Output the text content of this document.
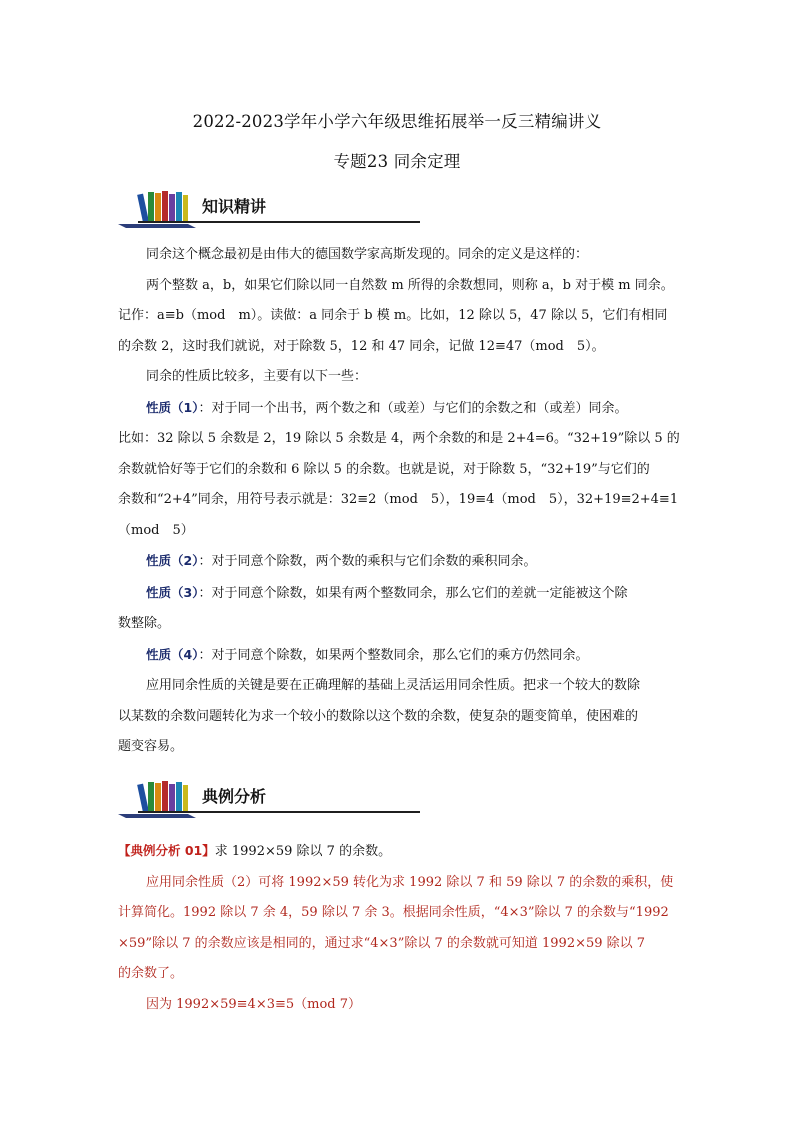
2022-2023学年小学六年级思维拓展举一反三精编讲义
专题23 同余定理
知识精讲
同余这个概念最初是由伟大的德国数学家高斯发现的。同余的定义是这样的：
两个整数 a，b，如果它们除以同一自然数 m 所得的余数想同，则称 a，b 对于模 m 同余。
记作：a≡b（mod　m）。读做：a 同余于 b 模 m。比如，12 除以 5，47 除以 5，它们有相同
的余数 2，这时我们就说，对于除数 5，12 和 47 同余，记做 12≡47（mod　5）。
同余的性质比较多，主要有以下一些：
性质（1）：对于同一个出书，两个数之和（或差）与它们的余数之和（或差）同余。
比如：32 除以 5 余数是 2，19 除以 5 余数是 4，两个余数的和是 2+4=6。“32+19”除以 5 的
余数就恰好等于它们的余数和 6 除以 5 的余数。也就是说，对于除数 5，“32+19”与它们的
余数和“2+4”同余，用符号表示就是：32≡2（mod　5），19≡4（mod　5），32+19≡2+4≡1
（mod　5）
性质（2）：对于同意个除数，两个数的乘积与它们余数的乘积同余。
性质（3）：对于同意个除数，如果有两个整数同余，那么它们的差就一定能被这个除
数整除。
性质（4）：对于同意个除数，如果两个整数同余，那么它们的乘方仍然同余。
应用同余性质的关键是要在正确理解的基础上灵活运用同余性质。把求一个较大的数除
以某数的余数问题转化为求一个较小的数除以这个数的余数，使复杂的题变简单，使困难的
题变容易。
典例分析
【典例分析 01】求 1992×59 除以 7 的余数。
应用同余性质（2）可将 1992×59 转化为求 1992 除以 7 和 59 除以 7 的余数的乘积，使
计算简化。1992 除以 7 余 4，59 除以 7 余 3。根据同余性质，“4×3”除以 7 的余数与“1992
×59”除以 7 的余数应该是相同的，通过求“4×3”除以 7 的余数就可知道 1992×59 除以 7
的余数了。
因为 1992×59≡4×3≡5（mod 7）
